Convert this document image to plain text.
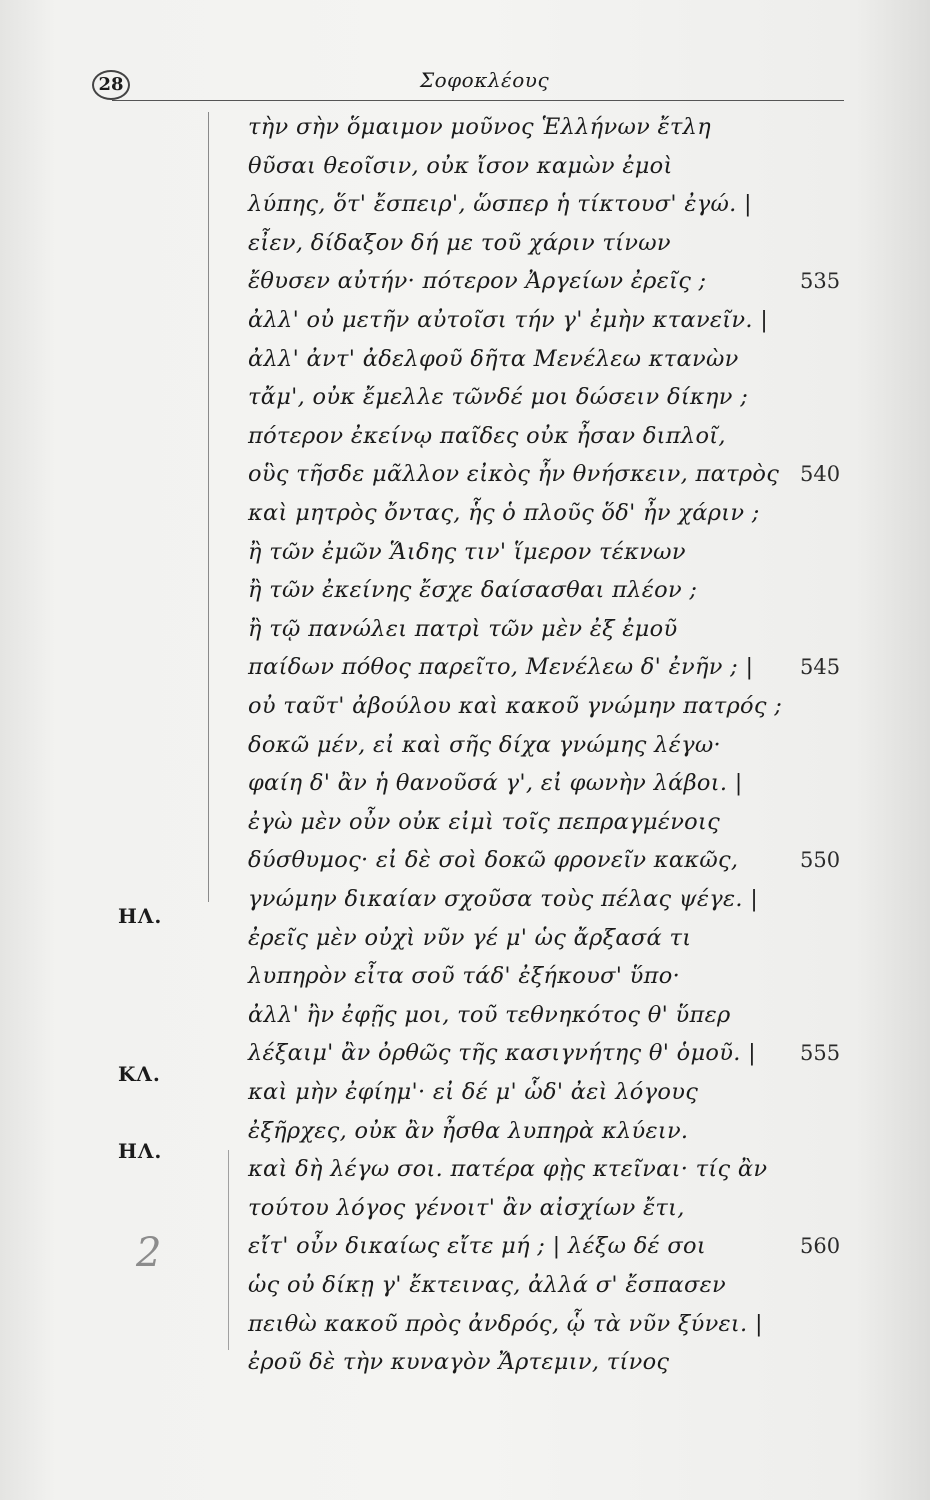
28	Σοφοκλέους
2
ΗΛ.
ΚΛ.
ΗΛ.
τὴν σὴν ὅμαιμον μοῦνος Ἑλλήνων ἔτλη
θῦσαι θεοῖσιν, οὐκ ἴσον καμὼν ἐμοὶ
λύπης, ὅτ' ἔσπειρ', ὥσπερ ἡ τίκτουσ' ἐγώ. |
εἶεν, δίδαξον δή με τοῦ χάριν τίνων
ἔθυσεν αὐτήν· πότερον Ἀργείων ἐρεῖς ;	535
ἀλλ' οὐ μετῆν αὐτοῖσι τήν γ' ἐμὴν κτανεῖν. |
ἀλλ' ἀντ' ἀδελφοῦ δῆτα Μενέλεω κτανὼν
τἄμ', οὐκ ἔμελλε τῶνδέ μοι δώσειν δίκην ;
πότερον ἐκείνῳ παῖδες οὐκ ἦσαν διπλοῖ,
οὓς τῆσδε μᾶλλον εἰκὸς ἦν θνήσκειν, πατρὸς 540
καὶ μητρὸς ὄντας, ἧς ὁ πλοῦς ὅδ' ἦν χάριν ;
ἢ τῶν ἐμῶν Ἅιδης τιν' ἵμερον τέκνων
ἢ τῶν ἐκείνης ἔσχε δαίσασθαι πλέον ;
ἢ τῷ πανώλει πατρὶ τῶν μὲν ἐξ ἐμοῦ
παίδων πόθος παρεῖτο, Μενέλεω δ' ἐνῆν ; | 545
οὐ ταῦτ' ἀβούλου καὶ κακοῦ γνώμην πατρός ;
δοκῶ μέν, εἰ καὶ σῆς δίχα γνώμης λέγω·
φαίη δ' ἂν ἡ θανοῦσά γ', εἰ φωνὴν λάβοι. |
ἐγὼ μὲν οὖν οὐκ εἰμὶ τοῖς πεπραγμένοις
δύσθυμος· εἰ δὲ σοὶ δοκῶ φρονεῖν κακῶς,	550
γνώμην δικαίαν σχοῦσα τοὺς πέλας ψέγε. |
ἐρεῖς μὲν οὐχὶ νῦν γέ μ' ὡς ἄρξασά τι
λυπηρὸν εἶτα σοῦ τάδ' ἐξήκουσ' ὕπο·
ἀλλ' ἢν ἐφῇς μοι, τοῦ τεθνηκότος θ' ὕπερ
λέξαιμ' ἂν ὀρθῶς τῆς κασιγνήτης θ' ὁμοῦ. | 555
καὶ μὴν ἐφίημ'· εἰ δέ μ' ὧδ' ἀεὶ λόγους
ἐξῆρχες, οὐκ ἂν ἦσθα λυπηρὰ κλύειν.
καὶ δὴ λέγω σοι. πατέρα φῂς κτεῖναι· τίς ἂν
τούτου λόγος γένοιτ' ἂν αἰσχίων ἔτι,
εἴτ' οὖν δικαίως εἴτε μή ; | λέξω δέ σοι	560
ὡς οὐ δίκῃ γ' ἔκτεινας, ἀλλά σ' ἔσπασεν
πειθὼ κακοῦ πρὸς ἀνδρός, ᾧ τὰ νῦν ξύνει. |
ἐροῦ δὲ τὴν κυναγὸν Ἄρτεμιν, τίνος
